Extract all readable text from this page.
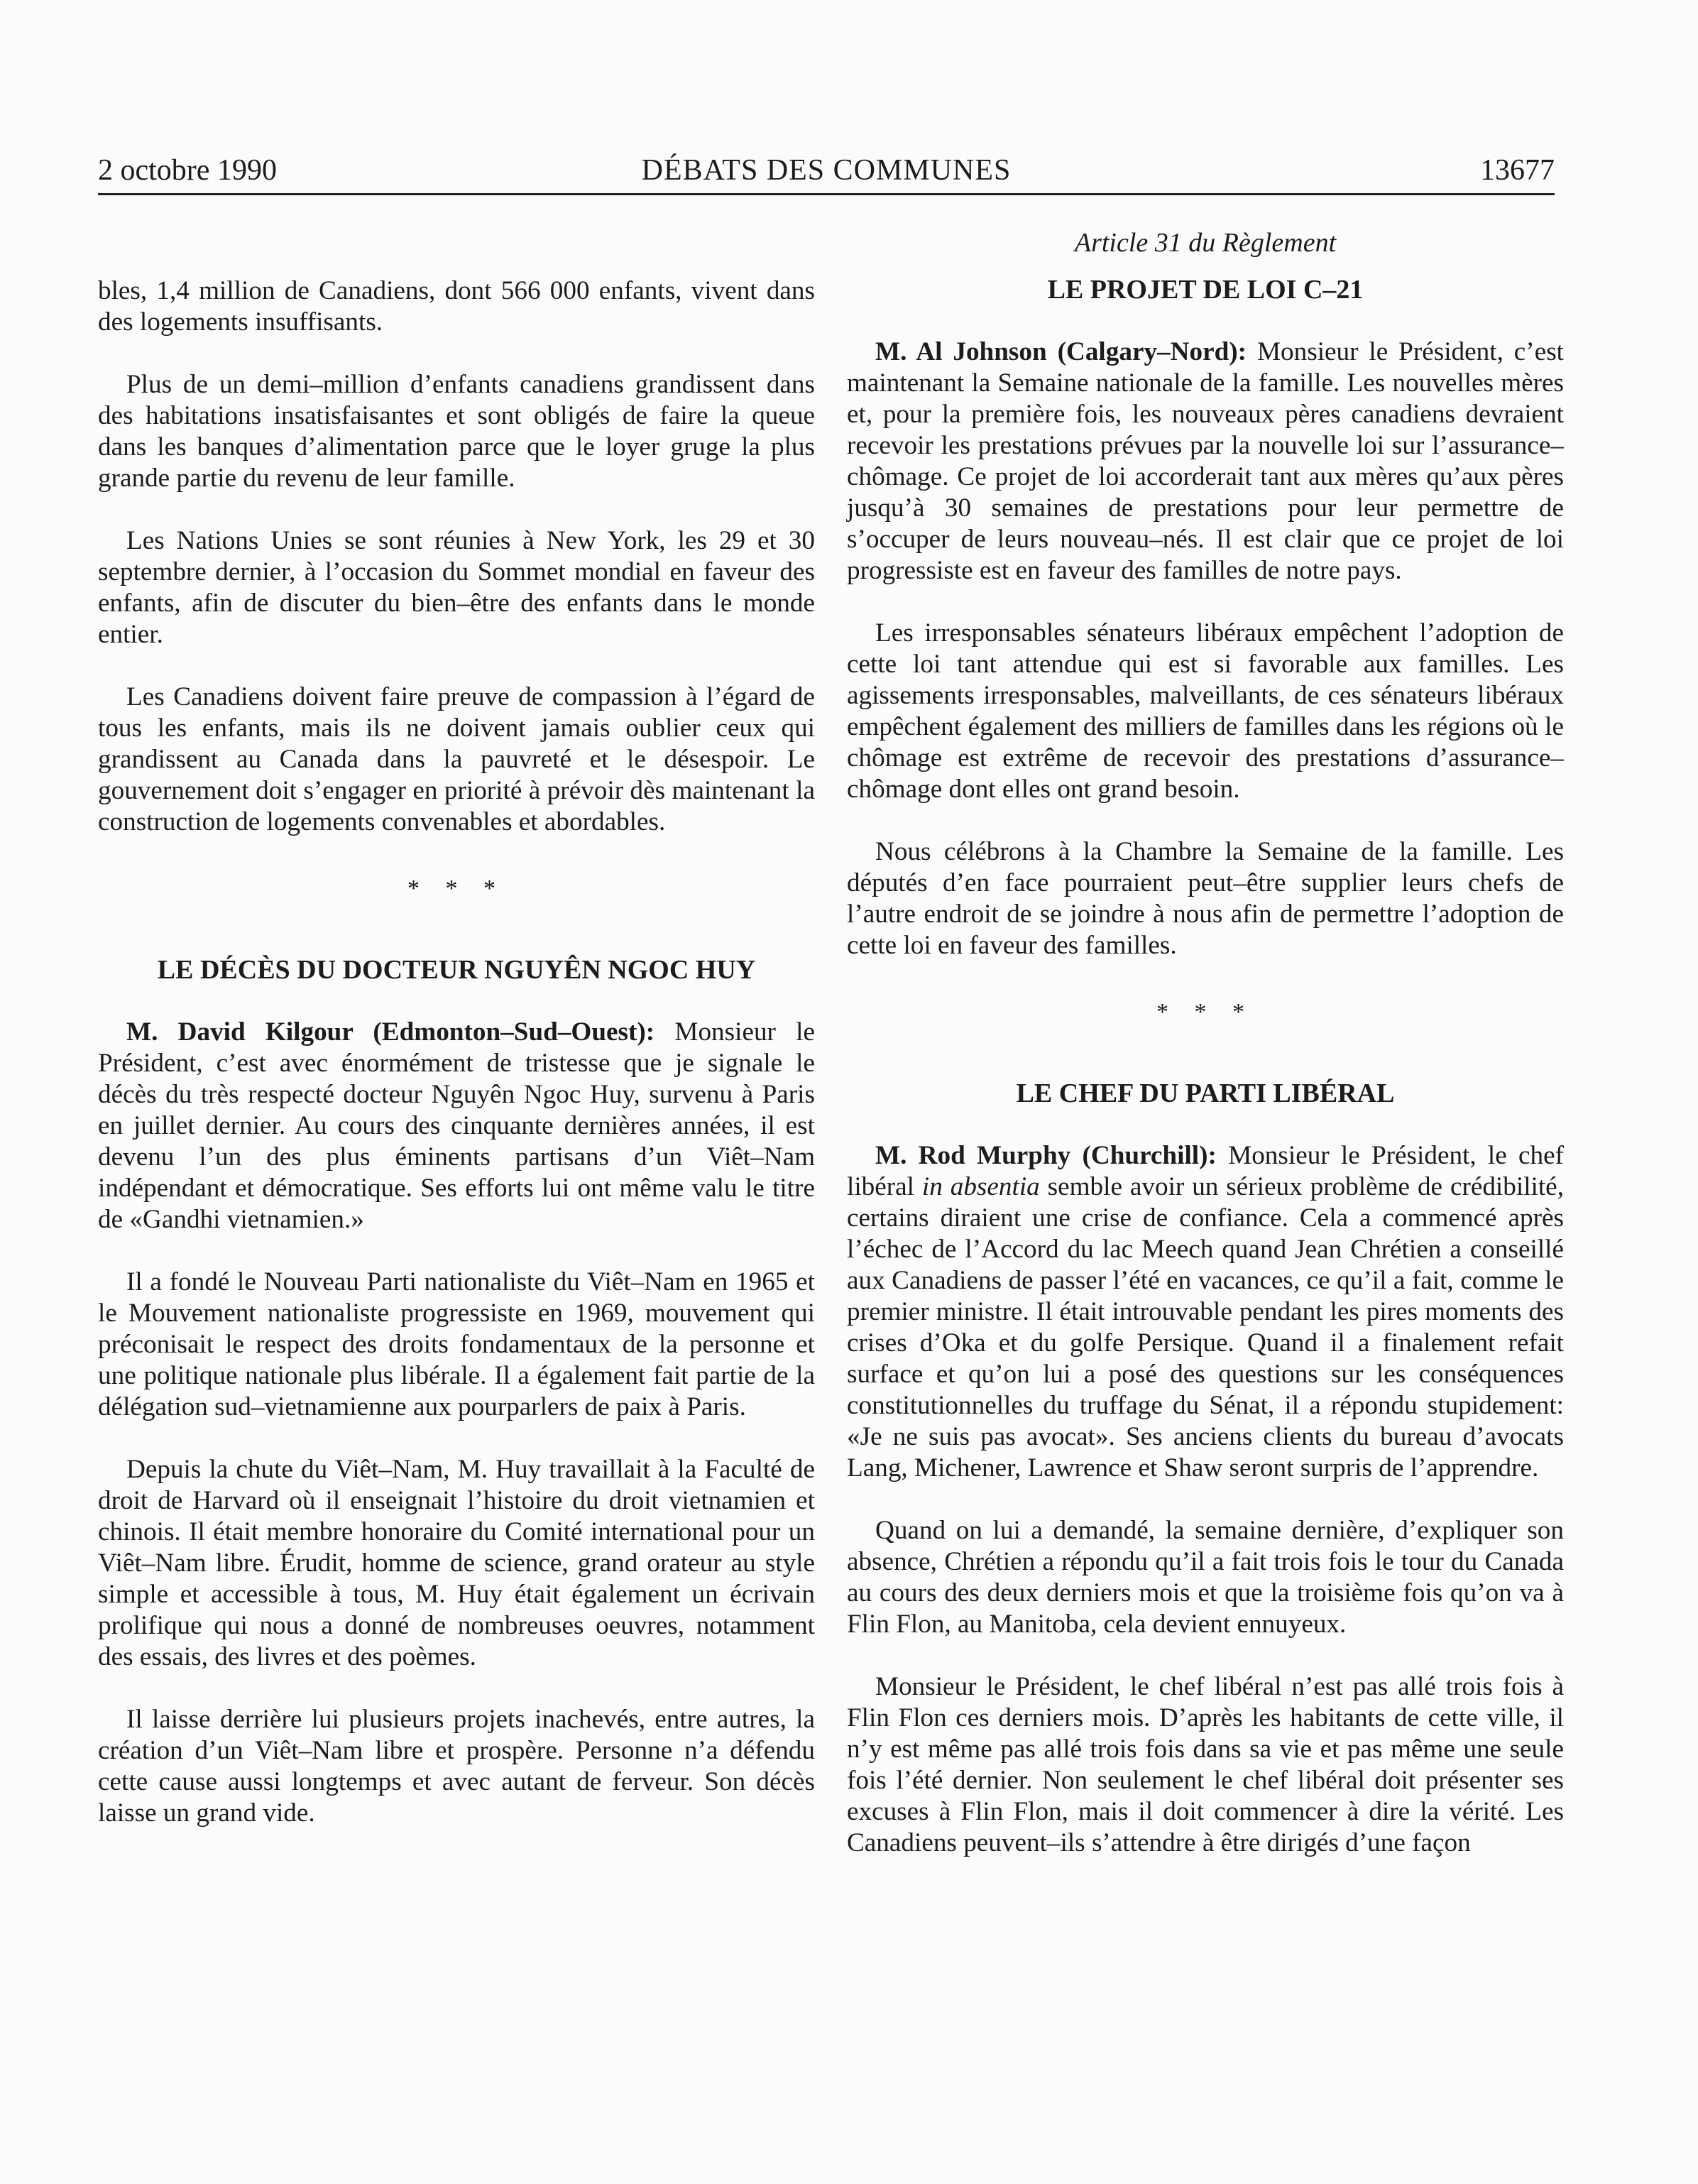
2 octobre 1990	DÉBATS DES COMMUNES	13677

bles, 1,4 million de Canadiens, dont 566 000 enfants, vivent dans des logements insuffisants.

Plus de un demi–million d’enfants canadiens grandissent dans des habitations insatisfaisantes et sont obligés de faire la queue dans les banques d’alimentation parce que le loyer gruge la plus grande partie du revenu de leur famille.

Les Nations Unies se sont réunies à New York, les 29 et 30 septembre dernier, à l’occasion du Sommet mondial en faveur des enfants, afin de discuter du bien–être des enfants dans le monde entier.

Les Canadiens doivent faire preuve de compassion à l’égard de tous les enfants, mais ils ne doivent jamais oublier ceux qui grandissent au Canada dans la pauvreté et le désespoir. Le gouvernement doit s’engager en priorité à prévoir dès maintenant la construction de logements convenables et abordables.

* * *
LE DÉCÈS DU DOCTEUR NGUYÊN NGOC HUY

M. David Kilgour (Edmonton–Sud–Ouest): Monsieur le Président, c’est avec énormément de tristesse que je signale le décès du très respecté docteur Nguyên Ngoc Huy, survenu à Paris en juillet dernier. Au cours des cinquante dernières années, il est devenu l’un des plus éminents partisans d’un Viêt–Nam indépendant et démocratique. Ses efforts lui ont même valu le titre de «Gandhi vietnamien.»

Il a fondé le Nouveau Parti nationaliste du Viêt–Nam en 1965 et le Mouvement nationaliste progressiste en 1969, mouvement qui préconisait le respect des droits fondamentaux de la personne et une politique nationale plus libérale. Il a également fait partie de la délégation sud–vietnamienne aux pourparlers de paix à Paris.

Depuis la chute du Viêt–Nam, M. Huy travaillait à la Faculté de droit de Harvard où il enseignait l’histoire du droit vietnamien et chinois. Il était membre honoraire du Comité international pour un Viêt–Nam libre. Érudit, homme de science, grand orateur au style simple et accessible à tous, M. Huy était également un écrivain prolifique qui nous a donné de nombreuses oeuvres, notamment des essais, des livres et des poèmes.

Il laisse derrière lui plusieurs projets inachevés, entre autres, la création d’un Viêt–Nam libre et prospère. Personne n’a défendu cette cause aussi longtemps et avec autant de ferveur. Son décès laisse un grand vide.

Article 31 du Règlement
LE PROJET DE LOI C–21

M. Al Johnson (Calgary–Nord): Monsieur le Président, c’est maintenant la Semaine nationale de la famille. Les nouvelles mères et, pour la première fois, les nouveaux pères canadiens devraient recevoir les prestations prévues par la nouvelle loi sur l’assurance–chômage. Ce projet de loi accorderait tant aux mères qu’aux pères jusqu’à 30 semaines de prestations pour leur permettre de s’occuper de leurs nouveau–nés. Il est clair que ce projet de loi progressiste est en faveur des familles de notre pays.

Les irresponsables sénateurs libéraux empêchent l’adoption de cette loi tant attendue qui est si favorable aux familles. Les agissements irresponsables, malveillants, de ces sénateurs libéraux empêchent également des milliers de familles dans les régions où le chômage est extrême de recevoir des prestations d’assurance–chômage dont elles ont grand besoin.

Nous célébrons à la Chambre la Semaine de la famille. Les députés d’en face pourraient peut–être supplier leurs chefs de l’autre endroit de se joindre à nous afin de permettre l’adoption de cette loi en faveur des familles.

* * *
LE CHEF DU PARTI LIBÉRAL

M. Rod Murphy (Churchill): Monsieur le Président, le chef libéral in absentia semble avoir un sérieux problème de crédibilité, certains diraient une crise de confiance. Cela a commencé après l’échec de l’Accord du lac Meech quand Jean Chrétien a conseillé aux Canadiens de passer l’été en vacances, ce qu’il a fait, comme le premier ministre. Il était introuvable pendant les pires moments des crises d’Oka et du golfe Persique. Quand il a finalement refait surface et qu’on lui a posé des questions sur les conséquences constitutionnelles du truffage du Sénat, il a répondu stupidement: «Je ne suis pas avocat». Ses anciens clients du bureau d’avocats Lang, Michener, Lawrence et Shaw seront surpris de l’apprendre.

Quand on lui a demandé, la semaine dernière, d’expliquer son absence, Chrétien a répondu qu’il a fait trois fois le tour du Canada au cours des deux derniers mois et que la troisième fois qu’on va à Flin Flon, au Manitoba, cela devient ennuyeux.

Monsieur le Président, le chef libéral n’est pas allé trois fois à Flin Flon ces derniers mois. D’après les habitants de cette ville, il n’y est même pas allé trois fois dans sa vie et pas même une seule fois l’été dernier. Non seulement le chef libéral doit présenter ses excuses à Flin Flon, mais il doit commencer à dire la vérité. Les Canadiens peuvent–ils s’attendre à être dirigés d’une façon
